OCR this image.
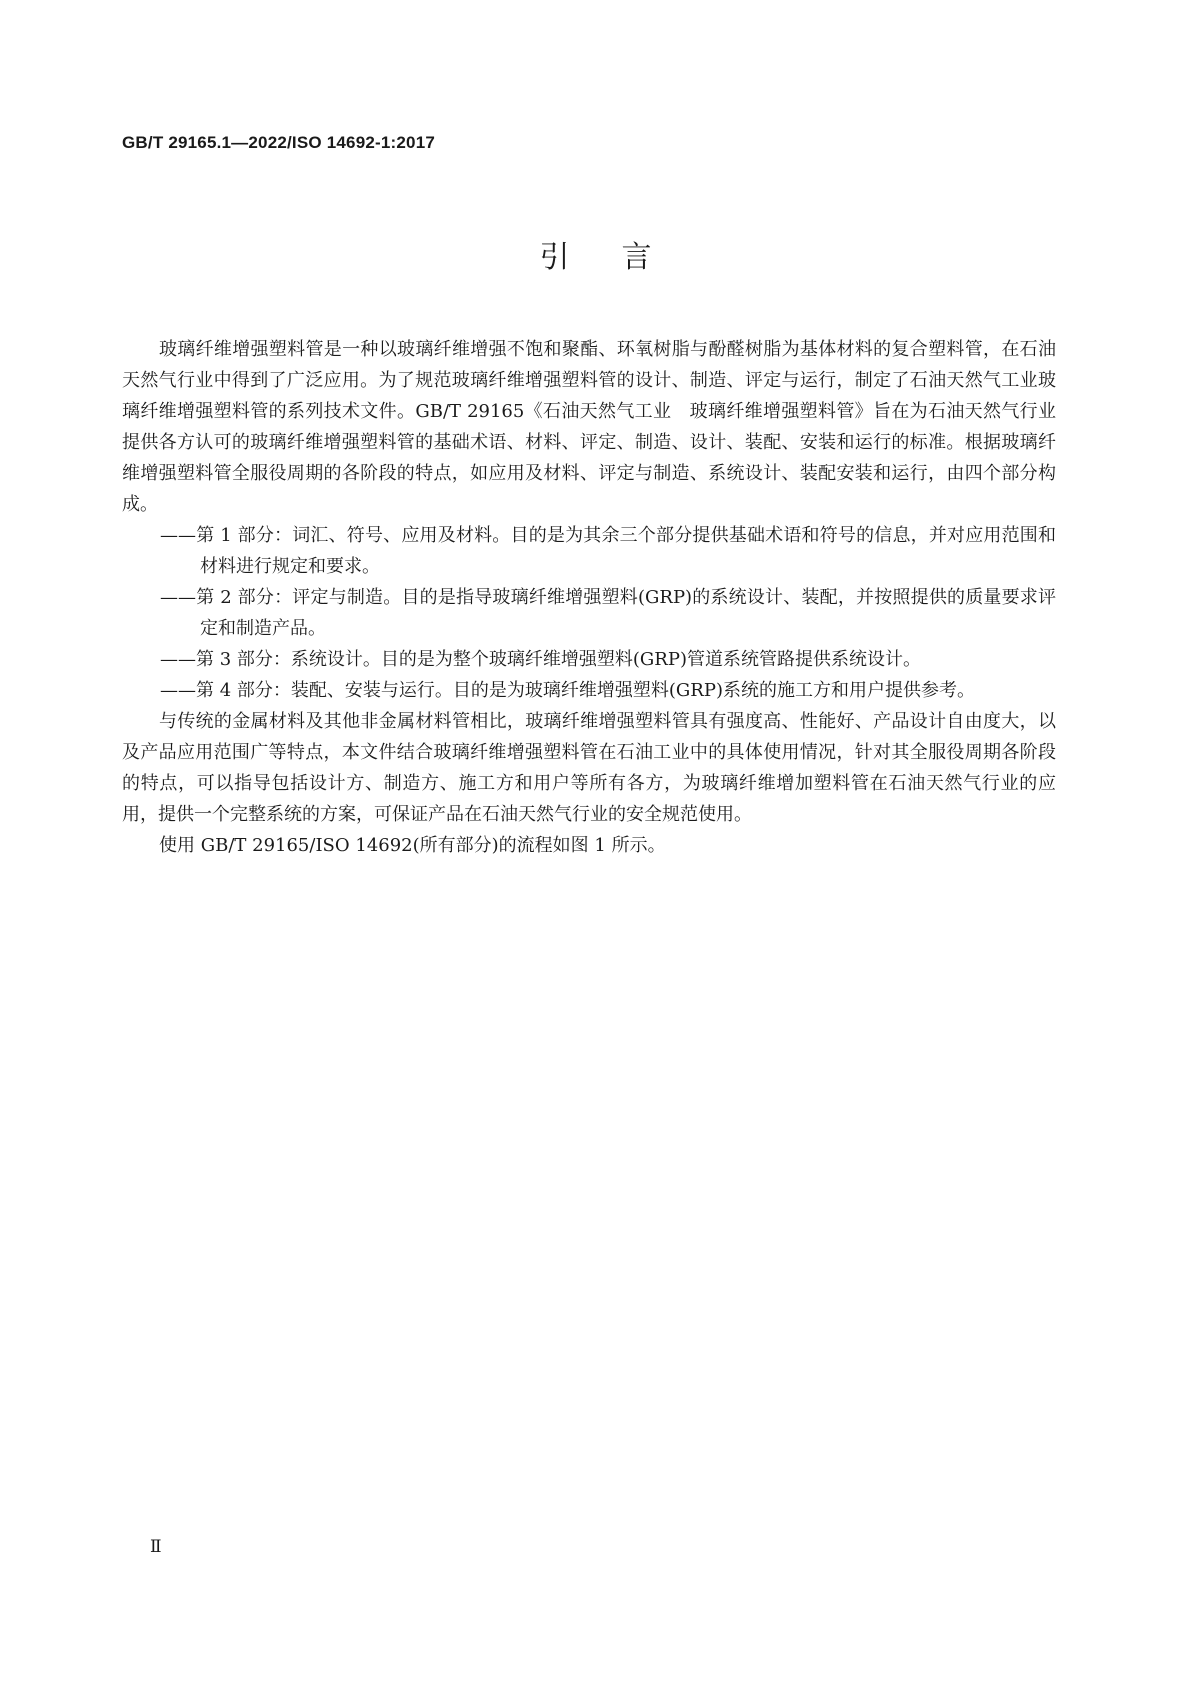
GB/T 29165.1—2022/ISO 14692-1:2017
引言

玻璃纤维增强塑料管是一种以玻璃纤维增强不饱和聚酯、环氧树脂与酚醛树脂为基体材料的复合塑料管，在石油天然气行业中得到了广泛应用。为了规范玻璃纤维增强塑料管的设计、制造、评定与运行，制定了石油天然气工业玻璃纤维增强塑料管的系列技术文件。GB/T 29165《石油天然气工业　玻璃纤维增强塑料管》旨在为石油天然气行业提供各方认可的玻璃纤维增强塑料管的基础术语、材料、评定、制造、设计、装配、安装和运行的标准。根据玻璃纤维增强塑料管全服役周期的各阶段的特点，如应用及材料、评定与制造、系统设计、装配安装和运行，由四个部分构成。

——第 1 部分：词汇、符号、应用及材料。目的是为其余三个部分提供基础术语和符号的信息，并对应用范围和材料进行规定和要求。

——第 2 部分：评定与制造。目的是指导玻璃纤维增强塑料(GRP)的系统设计、装配，并按照提供的质量要求评定和制造产品。

——第 3 部分：系统设计。目的是为整个玻璃纤维增强塑料(GRP)管道系统管路提供系统设计。

——第 4 部分：装配、安装与运行。目的是为玻璃纤维增强塑料(GRP)系统的施工方和用户提供参考。

与传统的金属材料及其他非金属材料管相比，玻璃纤维增强塑料管具有强度高、性能好、产品设计自由度大，以及产品应用范围广等特点，本文件结合玻璃纤维增强塑料管在石油工业中的具体使用情况，针对其全服役周期各阶段的特点，可以指导包括设计方、制造方、施工方和用户等所有各方，为玻璃纤维增加塑料管在石油天然气行业的应用，提供一个完整系统的方案，可保证产品在石油天然气行业的安全规范使用。

使用 GB/T 29165/ISO 14692(所有部分)的流程如图 1 所示。

Ⅱ
